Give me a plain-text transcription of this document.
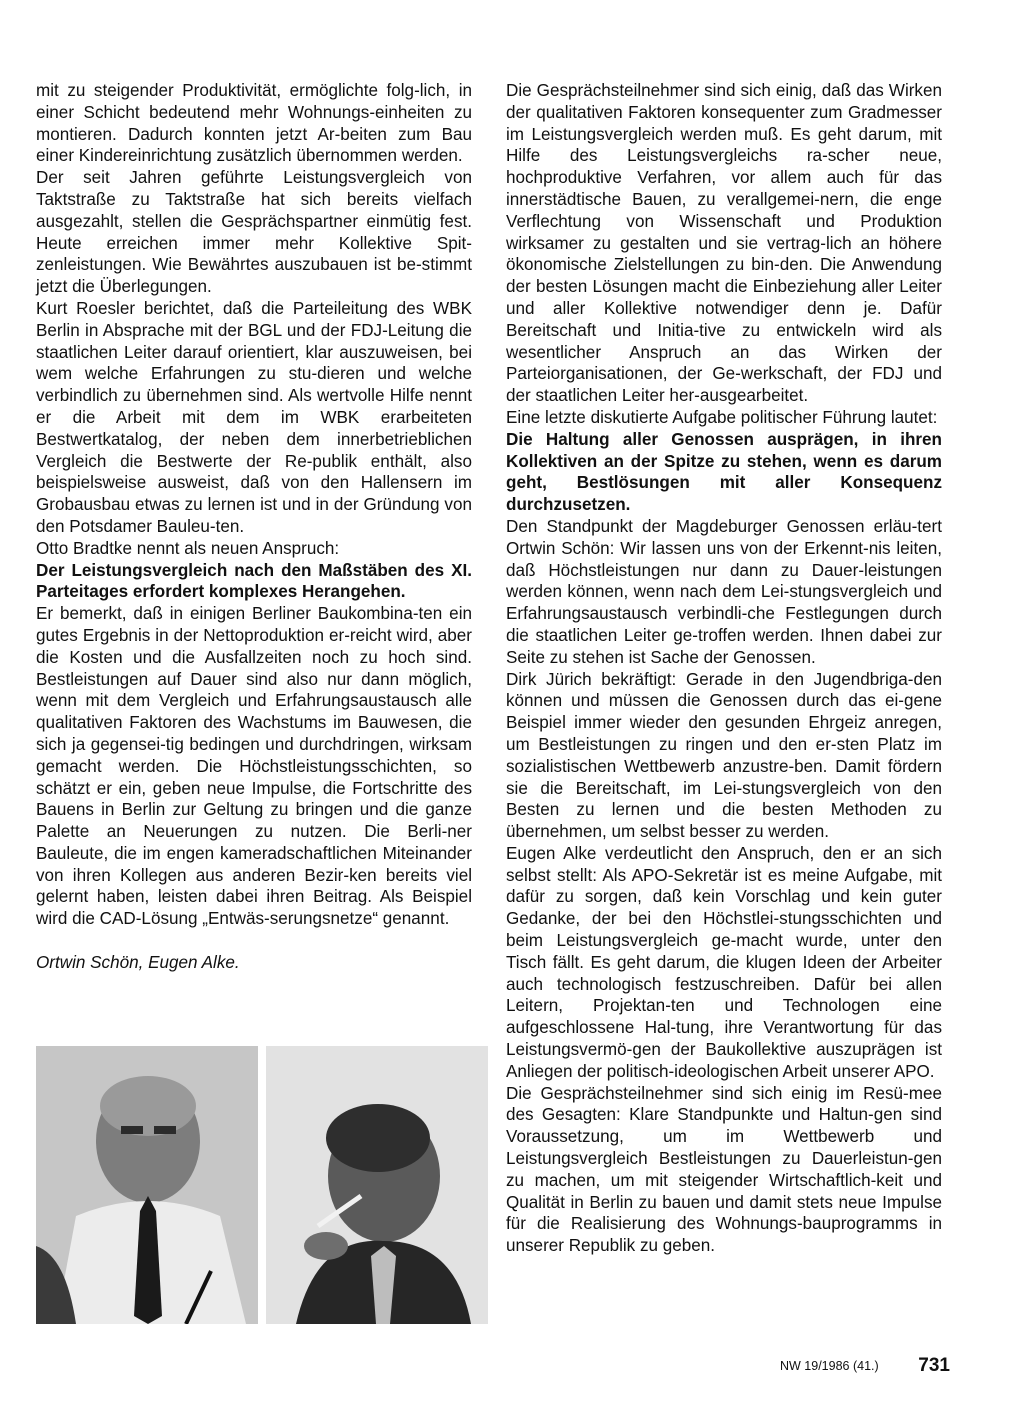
mit zu steigender Produktivität, ermöglichte folg-lich, in einer Schicht bedeutend mehr Wohnungs-einheiten zu montieren. Dadurch konnten jetzt Ar-beiten zum Bau einer Kindereinrichtung zusätzlich übernommen werden.

Der seit Jahren geführte Leistungsvergleich von Taktstraße zu Taktstraße hat sich bereits vielfach ausgezahlt, stellen die Gesprächspartner einmütig fest. Heute erreichen immer mehr Kollektive Spit-zenleistungen. Wie Bewährtes auszubauen ist be-stimmt jetzt die Überlegungen.

Kurt Roesler berichtet, daß die Parteileitung des WBK Berlin in Absprache mit der BGL und der FDJ-Leitung die staatlichen Leiter darauf orientiert, klar auszuweisen, bei wem welche Erfahrungen zu stu-dieren und welche verbindlich zu übernehmen sind. Als wertvolle Hilfe nennt er die Arbeit mit dem im WBK erarbeiteten Bestwertkatalog, der neben dem innerbetrieblichen Vergleich die Bestwerte der Re-publik enthält, also beispielsweise ausweist, daß von den Hallensern im Grobausbau etwas zu lernen ist und in der Gründung von den Potsdamer Bauleu-ten.

Otto Bradtke nennt als neuen Anspruch:

Der Leistungsvergleich nach den Maßstäben des XI. Parteitages erfordert komplexes Herangehen.

Er bemerkt, daß in einigen Berliner Baukombina-ten ein gutes Ergebnis in der Nettoproduktion er-reicht wird, aber die Kosten und die Ausfallzeiten noch zu hoch sind. Bestleistungen auf Dauer sind also nur dann möglich, wenn mit dem Vergleich und Erfahrungsaustausch alle qualitativen Faktoren des Wachstums im Bauwesen, die sich ja gegensei-tig bedingen und durchdringen, wirksam gemacht werden. Die Höchstleistungsschichten, so schätzt er ein, geben neue Impulse, die Fortschritte des Bauens in Berlin zur Geltung zu bringen und die ganze Palette an Neuerungen zu nutzen. Die Berli-ner Bauleute, die im engen kameradschaftlichen Miteinander von ihren Kollegen aus anderen Bezir-ken bereits viel gelernt haben, leisten dabei ihren Beitrag. Als Beispiel wird die CAD-Lösung „Entwäs-serungsnetze“ genannt.

Ortwin Schön, Eugen Alke.

Die Gesprächsteilnehmer sind sich einig, daß das Wirken der qualitativen Faktoren konsequenter zum Gradmesser im Leistungsvergleich werden muß. Es geht darum, mit Hilfe des Leistungsvergleichs ra-scher neue, hochproduktive Verfahren, vor allem auch für das innerstädtische Bauen, zu verallgemei-nern, die enge Verflechtung von Wissenschaft und Produktion wirksamer zu gestalten und sie vertrag-lich an höhere ökonomische Zielstellungen zu bin-den. Die Anwendung der besten Lösungen macht die Einbeziehung aller Leiter und aller Kollektive notwendiger denn je. Dafür Bereitschaft und Initia-tive zu entwickeln wird als wesentlicher Anspruch an das Wirken der Parteiorganisationen, der Ge-werkschaft, der FDJ und der staatlichen Leiter her-ausgearbeitet.

Eine letzte diskutierte Aufgabe politischer Führung lautet:

Die Haltung aller Genossen ausprägen, in ihren Kollektiven an der Spitze zu stehen, wenn es darum geht, Bestlösungen mit aller Konsequenz durchzusetzen.

Den Standpunkt der Magdeburger Genossen erläu-tert Ortwin Schön: Wir lassen uns von der Erkennt-nis leiten, daß Höchstleistungen nur dann zu Dauer-leistungen werden können, wenn nach dem Lei-stungsvergleich und Erfahrungsaustausch verbindli-che Festlegungen durch die staatlichen Leiter ge-troffen werden. Ihnen dabei zur Seite zu stehen ist Sache der Genossen.

Dirk Jürich bekräftigt: Gerade in den Jugendbriga-den können und müssen die Genossen durch das ei-gene Beispiel immer wieder den gesunden Ehrgeiz anregen, um Bestleistungen zu ringen und den er-sten Platz im sozialistischen Wettbewerb anzustre-ben. Damit fördern sie die Bereitschaft, im Lei-stungsvergleich von den Besten zu lernen und die besten Methoden zu übernehmen, um selbst besser zu werden.

Eugen Alke verdeutlicht den Anspruch, den er an sich selbst stellt: Als APO-Sekretär ist es meine Aufgabe, mit dafür zu sorgen, daß kein Vorschlag und kein guter Gedanke, der bei den Höchstlei-stungsschichten und beim Leistungsvergleich ge-macht wurde, unter den Tisch fällt. Es geht darum, die klugen Ideen der Arbeiter auch technologisch festzuschreiben. Dafür bei allen Leitern, Projektan-ten und Technologen eine aufgeschlossene Hal-tung, ihre Verantwortung für das Leistungsvermö-gen der Baukollektive auszuprägen ist Anliegen der politisch-ideologischen Arbeit unserer APO.

Die Gesprächsteilnehmer sind sich einig im Resü-mee des Gesagten: Klare Standpunkte und Haltun-gen sind Voraussetzung, um im Wettbewerb und Leistungsvergleich Bestleistungen zu Dauerleistun-gen zu machen, um mit steigender Wirtschaftlich-keit und Qualität in Berlin zu bauen und damit stets neue Impulse für die Realisierung des Wohnungs-bauprogramms in unserer Republik zu geben.

NW 19/1986 (41.) 731
